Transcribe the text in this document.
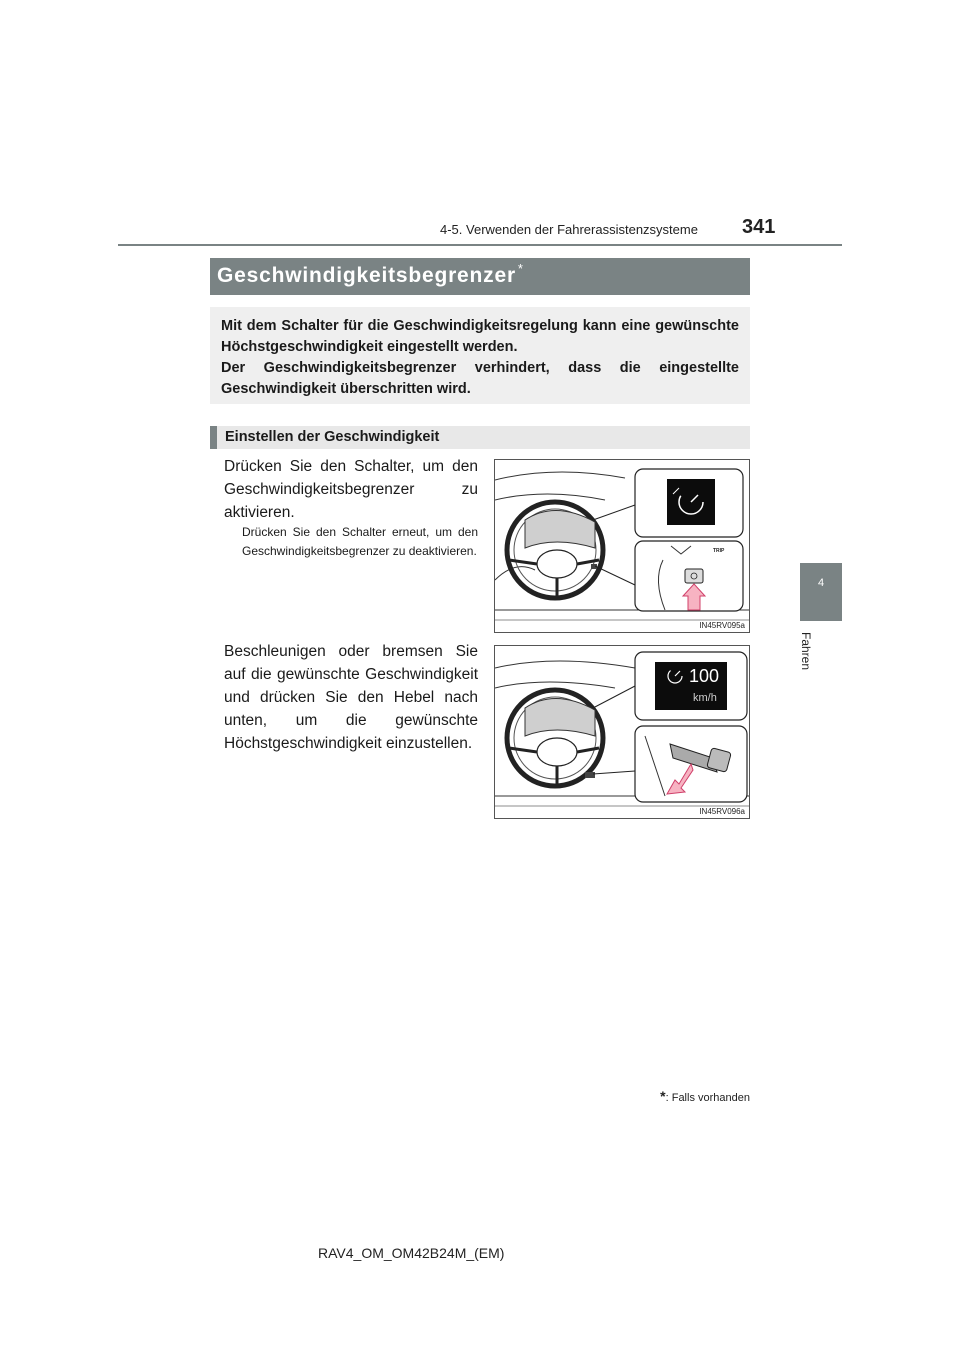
4-5. Verwenden der Fahrerassistenzsysteme 341
4
Fahren
Geschwindigkeitsbegrenzer *

Mit dem Schalter für die Geschwindigkeitsregelung kann eine gewünschte Höchstgeschwindigkeit eingestellt werden.

Der Geschwindigkeitsbegrenzer verhindert, dass die eingestellte Geschwindigkeit überschritten wird.

Einstellen der Geschwindigkeit
Drücken Sie den Schalter, um den Geschwindigkeitsbegrenzer zu aktivieren.
Drücken Sie den Schalter erneut, um den Geschwindigkeitsbegrenzer zu deaktivieren.
Beschleunigen oder bremsen Sie auf die gewünschte Geschwindigkeit und drücken Sie den Hebel nach unten, um die gewünschte Höchstgeschwindigkeit einzustellen.
TRIP
IN45RV095a
100
km/h
IN45RV096a
*: Falls vorhanden
RAV4_OM_OM42B24M_(EM)
